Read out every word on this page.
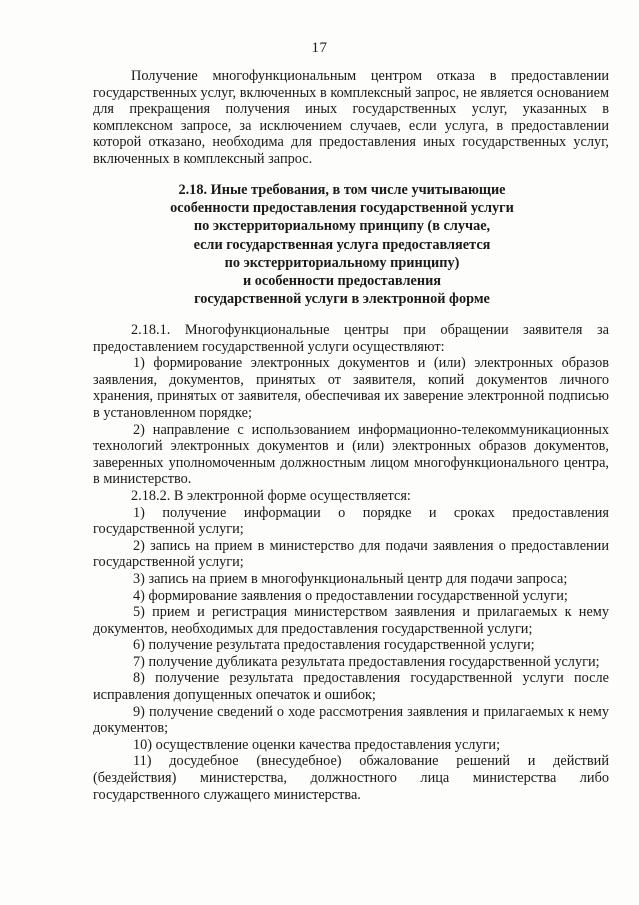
17

Получение многофункциональным центром отказа в предоставлении государственных услуг, включенных в комплексный запрос, не является основанием для прекращения получения иных государственных услуг, указанных в комплексном запросе, за исключением случаев, если услуга, в предоставлении которой отказано, необходима для предоставления иных государственных услуг, включенных в комплексный запрос.

2.18. Иные требования, в том числе учитывающие
особенности предоставления государственной услуги
по экстерриториальному принципу (в случае,
если государственная услуга предоставляется
по экстерриториальному принципу)
и особенности предоставления
государственной услуги в электронной форме

2.18.1. Многофункциональные центры при обращении заявителя за предоставлением государственной услуги осуществляют:

1) формирование электронных документов и (или) электронных образов заявления, документов, принятых от заявителя, копий документов личного хранения, принятых от заявителя, обеспечивая их заверение электронной подписью в установленном порядке;

2) направление с использованием информационно-телекоммуникационных технологий электронных документов и (или) электронных образов документов, заверенных уполномоченным должностным лицом многофункционального центра, в министерство.

2.18.2. В электронной форме осуществляется:

1) получение информации о порядке и сроках предоставления государственной услуги;

2) запись на прием в министерство для подачи заявления о предоставлении государственной услуги;

3) запись на прием в многофункциональный центр для подачи запроса;

4) формирование заявления о предоставлении государственной услуги;

5) прием и регистрация министерством заявления и прилагаемых к нему документов, необходимых для предоставления государственной услуги;

6) получение результата предоставления государственной услуги;

7) получение дубликата результата предоставления государственной услуги;

8) получение результата предоставления государственной услуги после исправления допущенных опечаток и ошибок;

9) получение сведений о ходе рассмотрения заявления и прилагаемых к нему документов;

10) осуществление оценки качества предоставления услуги;

11) досудебное (внесудебное) обжалование решений и действий (бездействия) министерства, должностного лица министерства либо государственного служащего министерства.
